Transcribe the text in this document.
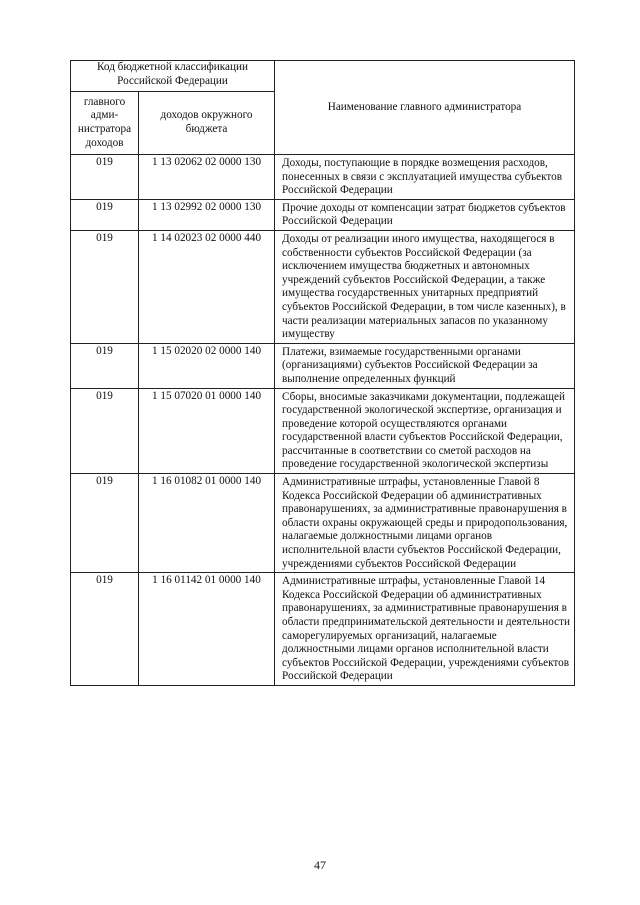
Код бюджетной классификации Российской Федерации		Наименование главного администратора

главного адми-нистратора доходов	доходов окружного бюджета	
019	1 13 02062 02 0000 130	Доходы, поступающие в порядке возмещения расходов, понесенных в связи с эксплуатацией имущества субъектов Российской Федерации
019	1 13 02992 02 0000 130	Прочие доходы от компенсации затрат бюджетов субъектов Российской Федерации
019	1 14 02023 02 0000 440	Доходы от реализации иного имущества, находящегося в собственности субъектов Российской Федерации (за исключением имущества бюджетных и автономных учреждений субъектов Российской Федерации, а также имущества государственных унитарных предприятий субъектов Российской Федерации, в том числе казенных), в части реализации материальных запасов по указанному имуществу
019	1 15 02020 02 0000 140	Платежи, взимаемые государственными органами (организациями) субъектов Российской Федерации за выполнение определенных функций
019	1 15 07020 01 0000 140	Сборы, вносимые заказчиками документации, подлежащей государственной экологической экспертизе, организация и проведение которой осуществляются органами государственной власти субъектов Российской Федерации, рассчитанные в соответствии со сметой расходов на проведение государственной экологической экспертизы
019	1 16 01082 01 0000 140	Административные штрафы, установленные Главой 8 Кодекса Российской Федерации об административных правонарушениях, за административные правонарушения в области охраны окружающей среды и природопользования, налагаемые должностными лицами органов исполнительной власти субъектов Российской Федерации, учреждениями субъектов Российской Федерации
019	1 16 01142 01 0000 140	Административные штрафы, установленные Главой 14 Кодекса Российской Федерации об административных правонарушениях, за административные правонарушения в области предпринимательской деятельности и деятельности саморегулируемых организаций, налагаемые должностными лицами органов исполнительной власти субъектов Российской Федерации, учреждениями субъектов Российской Федерации
47
